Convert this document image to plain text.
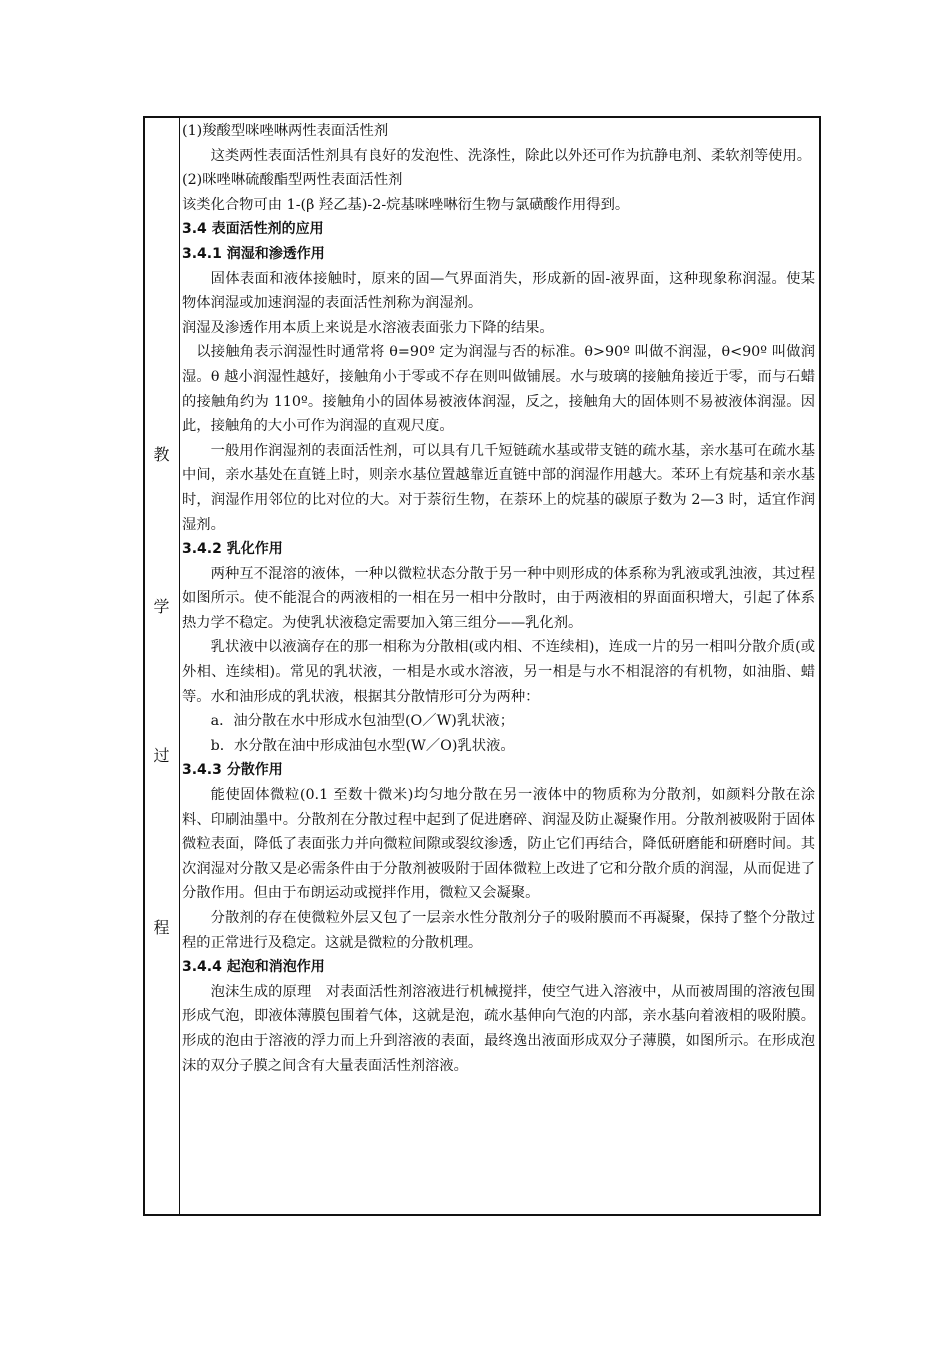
教
学
过
程

(1)羧酸型咪唑啉两性表面活性剂

这类两性表面活性剂具有良好的发泡性、洗涤性，除此以外还可作为抗静电剂、柔软剂等使用。

(2)咪唑啉硫酸酯型两性表面活性剂

该类化合物可由 1-(β 羟乙基)-2-烷基咪唑啉衍生物与氯磺酸作用得到。

3.4 表面活性剂的应用

3.4.1 润湿和渗透作用

固体表面和液体接触时，原来的固—气界面消失，形成新的固-液界面，这种现象称润湿。使某物体润湿或加速润湿的表面活性剂称为润湿剂。

润湿及渗透作用本质上来说是水溶液表面张力下降的结果。

以接触角表示润湿性时通常将 θ=90º 定为润湿与否的标准。θ>90º 叫做不润湿，θ<90º 叫做润湿。θ 越小润湿性越好，接触角小于零或不存在则叫做铺展。水与玻璃的接触角接近于零，而与石蜡的接触角约为 110º。接触角小的固体易被液体润湿，反之，接触角大的固体则不易被液体润湿。因此，接触角的大小可作为润湿的直观尺度。

一般用作润湿剂的表面活性剂，可以具有几千短链疏水基或带支链的疏水基，亲水基可在疏水基中间，亲水基处在直链上时，则亲水基位置越靠近直链中部的润湿作用越大。苯环上有烷基和亲水基时，润湿作用邻位的比对位的大。对于萘衍生物，在萘环上的烷基的碳原子数为 2—3 时，适宜作润湿剂。

3.4.2 乳化作用

两种互不混溶的液体，一种以微粒状态分散于另一种中则形成的体系称为乳液或乳浊液，其过程如图所示。使不能混合的两液相的一相在另一相中分散时，由于两液相的界面面积增大，引起了体系热力学不稳定。为使乳状液稳定需要加入第三组分——乳化剂。

乳状液中以液滴存在的那一相称为分散相(或内相、不连续相)，连成一片的另一相叫分散介质(或外相、连续相)。常见的乳状液，一相是水或水溶液，另一相是与水不相混溶的有机物，如油脂、蜡等。水和油形成的乳状液，根据其分散情形可分为两种：

a．油分散在水中形成水包油型(O／W)乳状液；

b．水分散在油中形成油包水型(W／O)乳状液。

3.4.3 分散作用

能使固体微粒(0.1 至数十微米)均匀地分散在另一液体中的物质称为分散剂，如颜料分散在涂料、印刷油墨中。分散剂在分散过程中起到了促进磨碎、润湿及防止凝聚作用。分散剂被吸附于固体微粒表面，降低了表面张力并向微粒间隙或裂纹渗透，防止它们再结合，降低研磨能和研磨时间。其次润湿对分散又是必需条件由于分散剂被吸附于固体微粒上改进了它和分散介质的润湿，从而促进了分散作用。但由于布朗运动或搅拌作用，微粒又会凝聚。

分散剂的存在使微粒外层又包了一层亲水性分散剂分子的吸附膜而不再凝聚，保持了整个分散过程的正常进行及稳定。这就是微粒的分散机理。

3.4.4 起泡和消泡作用

泡沫生成的原理　对表面活性剂溶液进行机械搅拌，使空气进入溶液中，从而被周围的溶液包围形成气泡，即液体薄膜包围着气体，这就是泡，疏水基伸向气泡的内部，亲水基向着液相的吸附膜。形成的泡由于溶液的浮力而上升到溶液的表面，最终逸出液面形成双分子薄膜，如图所示。在形成泡沫的双分子膜之间含有大量表面活性剂溶液。
